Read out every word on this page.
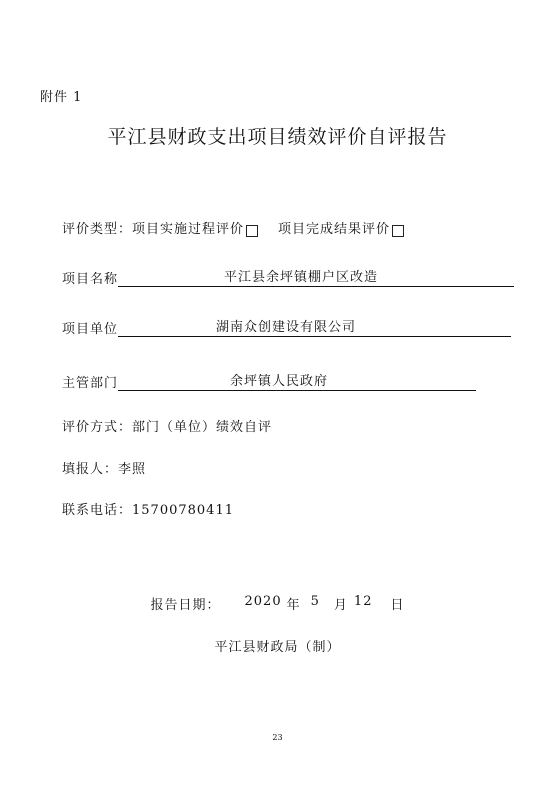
附件 1
平江县财政支出项目绩效评价自评报告
评价类型： 项目实施过程评价	项目完成结果评价
项目名称	平江县余坪镇棚户区改造
项目单位	湖南众创建设有限公司
主管部门	余坪镇人民政府
评价方式： 部门（单位）绩效自评
填报人： 李照
联系电话： 15700780411
报告日期： 2020 年 5 月 12 日
平江县财政局（制）
23
